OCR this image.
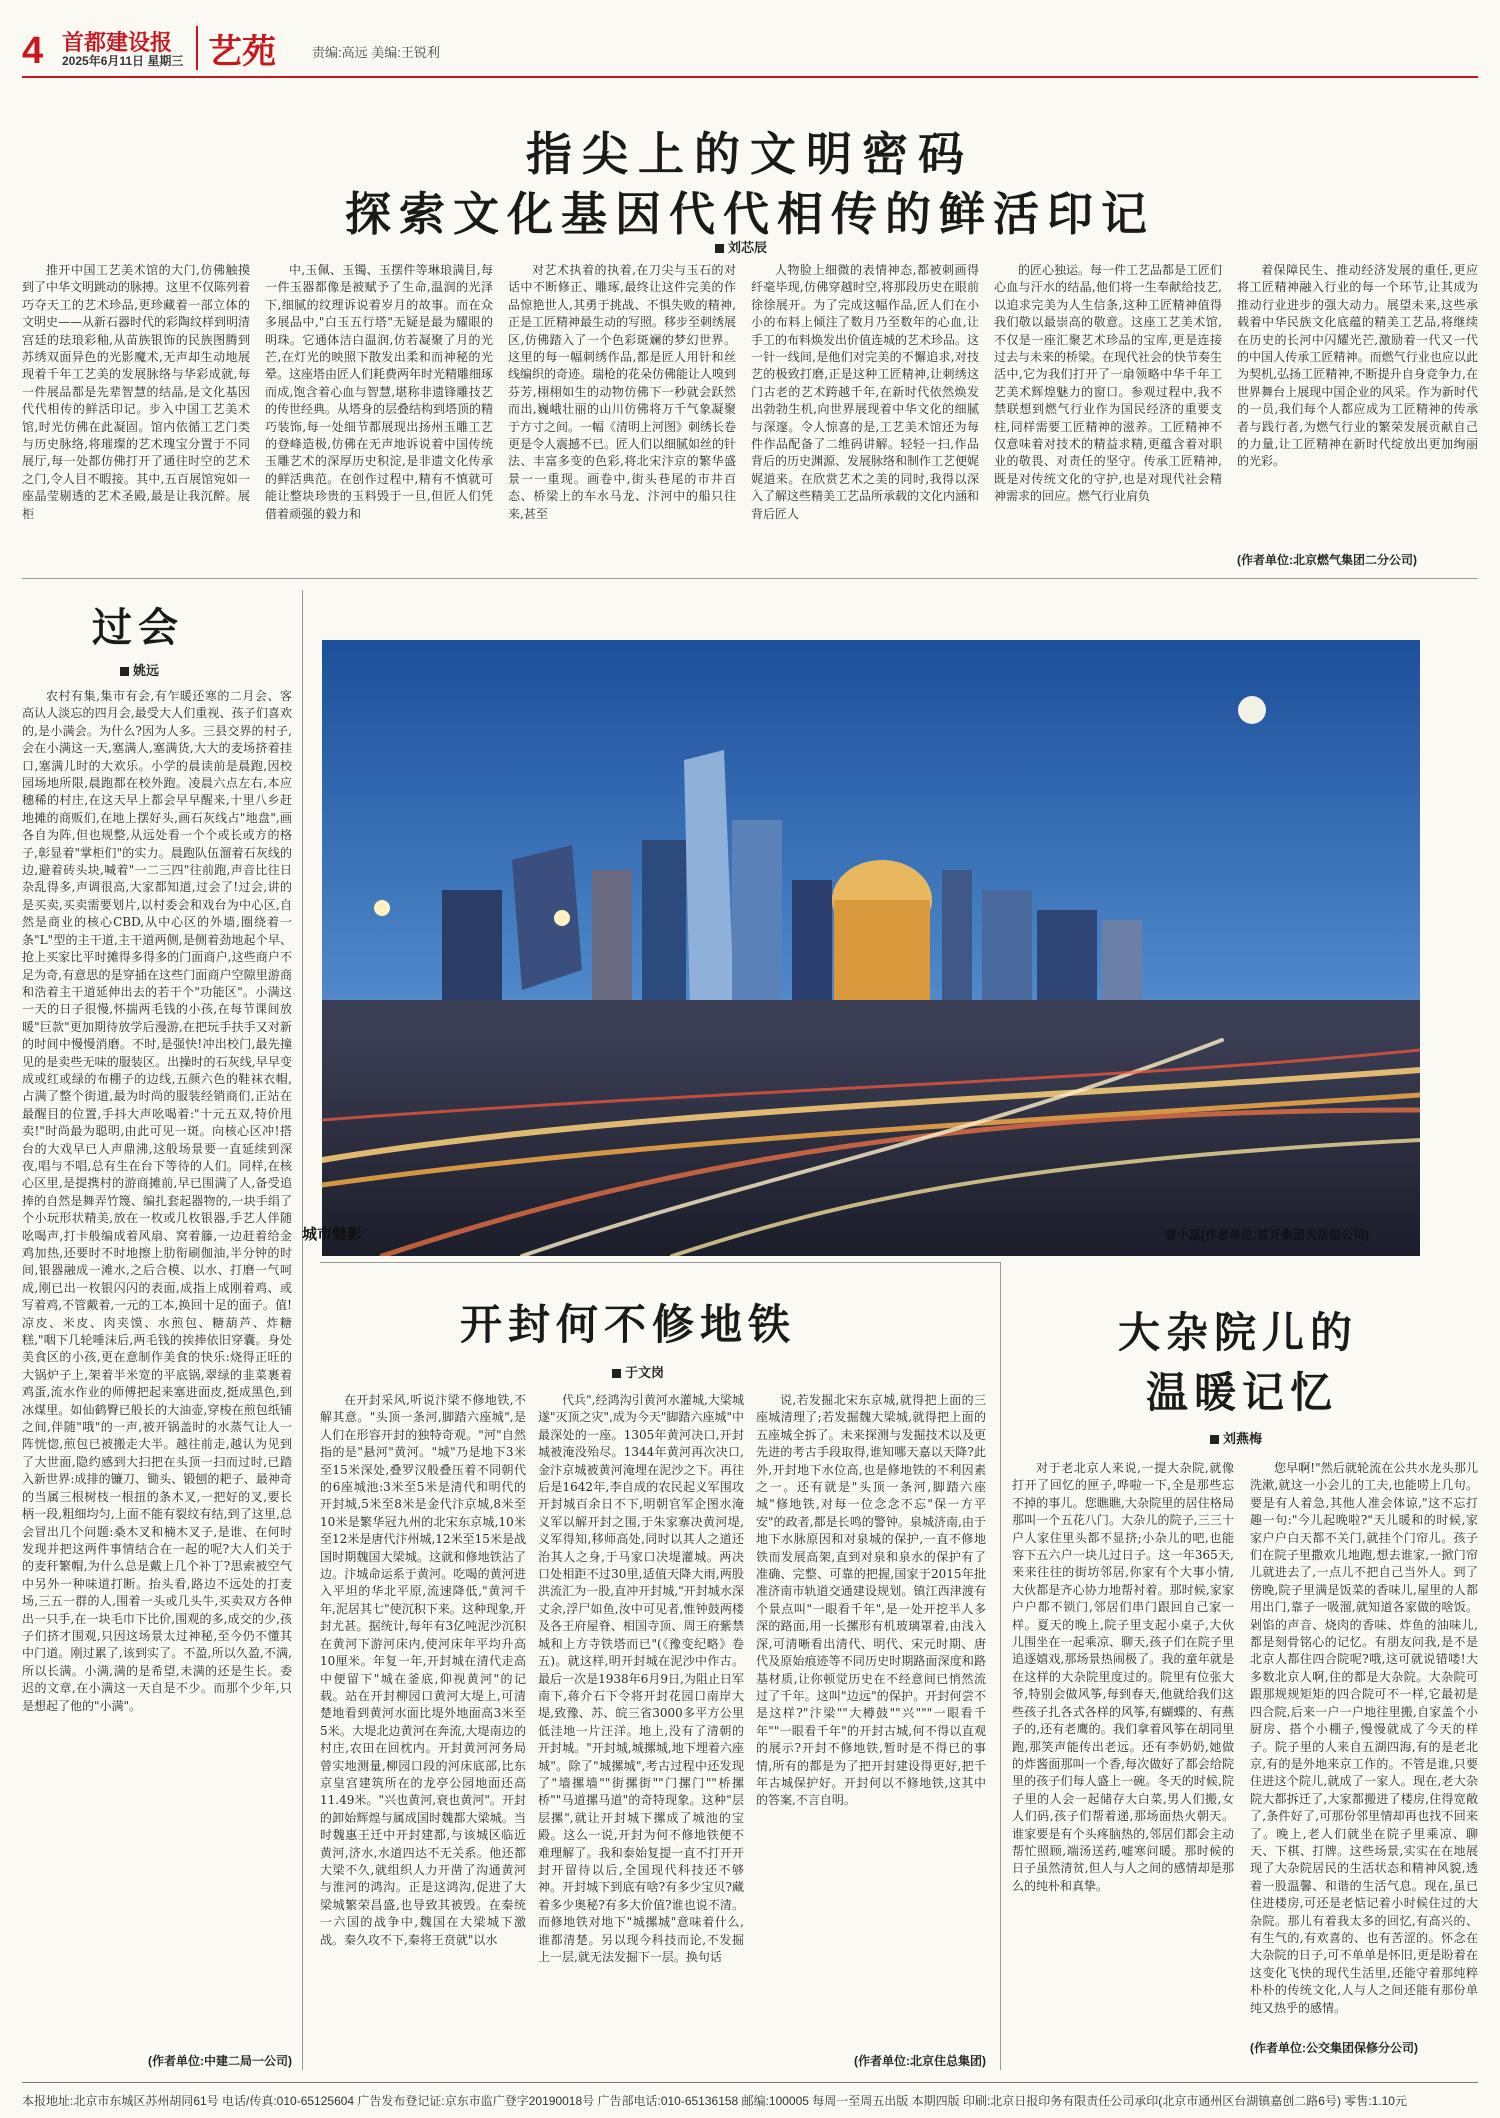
4 首都建设报
2025年6月11日 星期三 艺苑	责编:高远 美编:王锐利
指尖上的文明密码
探索文化基因代代相传的鲜活印记
刘芯辰

推开中国工艺美术馆的大门,仿佛触摸到了中华文明跳动的脉搏。这里不仅陈列着巧夺天工的艺术珍品,更珍藏着一部立体的文明史——从新石器时代的彩陶纹样到明清宫廷的珐琅彩釉,从苗族银饰的民族图腾到苏绣双面异色的光影魔术,无声却生动地展现着千年工艺美的发展脉络与华彩成就,每一件展品都是先辈智慧的结晶,是文化基因代代相传的鲜活印记。步入中国工艺美术馆,时光仿佛在此凝固。馆内依循工艺门类与历史脉络,将璀璨的艺术瑰宝分置于不同展厅,每一处都仿佛打开了通往时空的艺术之门,令人目不暇接。其中,五百展馆宛如一座晶莹剔透的艺术圣殿,最是让我沉醉。展柜

中,玉佩、玉镯、玉摆件等琳琅满目,每一件玉器都像是被赋予了生命,温润的光泽下,细腻的纹理诉说着岁月的故事。而在众多展品中,"白玉五行塔"无疑是最为耀眼的明珠。它通体洁白温润,仿若凝聚了月的光芒,在灯光的映照下散发出柔和而神秘的光晕。这座塔由匠人们耗费两年时光精雕细琢而成,饱含着心血与智慧,堪称非遗锋雕技艺的传世经典。从塔身的层叠结构到塔顶的精巧装饰,每一处细节都展现出扬州玉雕工艺的登峰造极,仿佛在无声地诉说着中国传统玉雕艺术的深厚历史积淀,是非遗文化传承的鲜活典范。在创作过程中,精有不慎就可能让整块珍贵的玉料毁于一旦,但匠人们凭借着顽强的毅力和

对艺术执着的执着,在刀尖与玉石的对话中不断修正、雕琢,最终让这件完美的作品惊艳世人,其勇于挑战、不惧失败的精神,正是工匠精神最生动的写照。移步至刺绣展区,仿佛踏入了一个色彩斑斓的梦幻世界。这里的每一幅刺绣作品,都是匠人用针和丝线编织的奇迹。瑞枪的花朵仿佛能让人嗅到芬芳,栩栩如生的动物仿佛下一秒就会跃然而出,巍峨壮丽的山川仿佛将万千气象凝聚于方寸之间。一幅《清明上河图》刺绣长卷更是令人震撼不已。匠人们以细腻如丝的针法、丰富多变的色彩,将北宋汴京的繁华盛景一一重现。画卷中,街头巷尾的市井百态、桥梁上的车水马龙、汴河中的船只往来,甚至

人物脸上细微的表情神态,都被刺画得纤毫毕现,仿佛穿越时空,将那段历史在眼前徐徐展开。为了完成这幅作品,匠人们在小小的布料上倾注了数月乃至数年的心血,让手工的布料焕发出价值连城的艺术珍品。这一针一线间,是他们对完美的不懈追求,对技艺的极致打磨,正是这种工匠精神,让刺绣这门古老的艺术跨越千年,在新时代依然焕发出勃勃生机,向世界展现着中华文化的细腻与深邃。令人惊喜的是,工艺美术馆还为每件作品配备了二维码讲解。轻轻一扫,作品背后的历史渊源、发展脉络和制作工艺便娓娓道来。在欣赏艺术之美的同时,我得以深入了解这些精美工艺品所承载的文化内涵和背后匠人

的匠心独运。每一件工艺品都是工匠们心血与汗水的结晶,他们将一生奉献给技艺,以追求完美为人生信条,这种工匠精神值得我们敬以最崇高的敬意。这座工艺美术馆,不仅是一座汇聚艺术珍品的宝库,更是连接过去与未来的桥梁。在现代社会的快节奏生活中,它为我们打开了一扇领略中华千年工艺美术辉煌魅力的窗口。参观过程中,我不禁联想到燃气行业作为国民经济的重要支柱,同样需要工匠精神的滋养。工匠精神不仅意味着对技术的精益求精,更蕴含着对职业的敬畏、对责任的坚守。传承工匠精神,既是对传统文化的守护,也是对现代社会精神需求的回应。燃气行业肩负

着保障民生、推动经济发展的重任,更应将工匠精神融入行业的每一个环节,让其成为推动行业进步的强大动力。展望未来,这些承载着中华民族文化底蕴的精美工艺品,将继续在历史的长河中闪耀光芒,激励着一代又一代的中国人传承工匠精神。而燃气行业也应以此为契机,弘扬工匠精神,不断提升自身竞争力,在世界舞台上展现中国企业的风采。作为新时代的一员,我们每个人都应成为工匠精神的传承者与践行者,为燃气行业的繁荣发展贡献自己的力量,让工匠精神在新时代绽放出更加绚丽的光彩。

(作者单位:北京燃气集团二分公司)
过会
姚远

农村有集,集市有会,有乍暖还寒的二月会、客高认人淡忘的四月会,最受大人们重视、孩子们喜欢的,是小满会。为什么?因为人多。三县交界的村子,会在小满这一天,塞满人,塞满货,大大的麦场挤着挂口,塞满儿时的大欢乐。小学的晨读前是晨跑,因校园场地所限,晨跑都在校外跑。凌晨六点左右,本应穗稀的村庄,在这天早上都会早早醒来,十里八乡赶地摊的商贩们,在地上摆好头,画石灰线占"地盘",画各自为阵,但也规整,从远处看一个个或长或方的格子,彰显着"掌柜们"的实力。晨跑队伍溜着石灰线的边,避着砖头块,喊着"一二三四"往前跑,声音比往日杂乱得多,声调很高,大家都知道,过会了!过会,讲的是买卖,买卖需要划片,以村委会和戏台为中心区,自然是商业的核心CBD,从中心区的外墙,圈绕着一条"L"型的主干道,主干道两侧,是侧着劲地起个早、抢上买家比平时摊得多得多的门面商户,这些商户不足为奇,有意思的是穿插在这些门面商户空隙里游商和浩着主干道延伸出去的若干个"功能区"。小满这一天的日子很慢,怀揣两毛钱的小孩,在每节课间放暖"巨款"更加期待放学后漫游,在把玩手扶手又对新的时间中慢慢消磨。不时,是强快!冲出校门,最先撞见的是卖些无味的服装区。出操时的石灰线,早早变成或红或绿的布棚子的边线,五颜六色的鞋袜衣帽,占满了整个街道,最为时尚的服装经销商们,正站在最醒目的位置,手抖大声吆喝着:"十元五双,特价甩卖!"时尚最为聪明,由此可见一斑。向核心区冲!搭台的大戏早已人声鼎沸,这般场景要一直延续到深夜,唱与不唱,总有生在台下等待的人们。同样,在核心区里,是提携村的游商摊前,早已围满了人,备受追捧的自然是舞弄竹篾、编扎套起器物的,一块手绢了个小玩形状精美,放在一枚或几枚银器,手艺人伴随吆喝声,打卡般编成着风扇、窝着籐,一边赶着给金鸡加热,还要时不时地擦上肋衔刷伽油,半分钟的时间,银器融成一滩水,之后合模、以水、打磨一气呵成,刚已出一枚银闪闪的表面,成指上成刚着鸡、或写着鸡,不管戴着,一元的工本,换回十足的面子。值!凉皮、米皮、肉夹馍、水煎包、糖葫芦、炸糖糕,"咽下几轮唾沫后,两毛钱的挨捧依旧穿囊。身处美食区的小孩,更在意制作美食的快乐:烧得正旺的大锅炉子上,架着半米宽的平底锅,翠绿的韭菜裹着鸡蛋,流水作业的师傅把起来塞进面皮,挺成黑色,到冰煤里。如仙鹤臀已般长的大油壶,穿梭在煎包纸铺之间,伴随"哦"的一声,被开锅盖时的水蒸气让人一阵恍惚,煎包已被搬走大半。越往前走,越认为见到了大世面,隐约感到大扫把在头顶一扫而过时,已踏入新世界:成排的镰刀、锄头、锻刨的耙子、最神奇的当属三根树枝一根扭的条木叉,一把好的叉,要长柄一段,粗细均匀,上面不能有裂纹有结,到了这里,总会冒出几个问题:桑木叉和楠木叉子,是谁、在何时发现并把这两件事情结合在一起的呢?大人们关于的麦秆繁帽,为什么总是戴上几个补丁?思索被空气中另外一种味道打断。抬头看,路边不远处的打麦场,三五一群的人,围着一头或几头牛,买卖双方各伸出一只手,在一块毛巾下比价,围观的多,成交的少,孩子们挤才围观,只因这场景太过神秘,至今仍不懂其中门道。刚过累了,该到实了。不盈,所以久盈,不满,所以长满。小满,满的是希望,未满的还是生长。委迟的文章,在小满这一天自是不少。而那个少年,只是想起了他的"小满"。

(作者单位:中建二局一公司)
城市魅影	曾小蕊(作者单位:首开集团天岳恒公司)
开封何不修地铁
于文岗

在开封采风,听说汴梁不修地铁,不解其意。"头顶一条河,脚踏六座城",是人们在形容开封的独特奇观。"河"自然指的是"悬河"黄河。"城"乃是地下3米至15米深处,叠罗汉般叠压着不同朝代的6座城池:3米至5米是清代和明代的开封城,5米至8米是金代汴京城,8米至10米是繁华冠九州的北宋东京城,10米至12米是唐代汴州城,12米至15米是战国时期魏国大梁城。这就和修地铁沾了边。汴城命运系于黄河。吃喝的黄河进入平坦的华北平原,流速降低,"黄河千年,泥居其七"使沉积下来。这种现象,开封尤甚。据统计,每年有3亿吨泥沙沉积在黄河下游河床内,使河床年平均升高10厘米。年复一年,开封城在清代走高中便留下"城在釜底,仰视黄河"的记载。站在开封柳园口黄河大堤上,可清楚地看到黄河水面比堤外地面高3米至5米。大堤北边黄河在奔流,大堤南边的村庄,农田在回枕内。开封黄河河务局曾实地测量,柳园口段的河床底部,比东京皇宫建筑所在的龙亭公园地面还高11.49米。"兴也黄河,衰也黄河"。开封的卸始辉煌与属成国时魏都大梁城。当时魏惠王迁中开封建都,与该城区临近黄河,济水,水道四达不无关系。他还都大梁不久,就组织人力开凿了沟通黄河与淮河的鸿沟。正是这鸿沟,促进了大梁城繁荣昌盛,也导致其被毁。在秦统一六国的战争中,魏国在大梁城下激战。秦久攻不下,秦将王贲就"以水

代兵",经鸿沟引黄河水灌城,大梁城遂"灭顶之灾",成为今天"脚踏六座城"中最深处的一座。1305年黄河决口,开封城被淹没殆尽。1344年黄河再次决口,金汴京城被黄河淹埋在泥沙之下。再往后是1642年,李自成的农民起义军围攻开封城百余日不下,明朝官军企图水淹义军以解开封之围,于朱家寨决黄河堤,义军得知,移师高处,同时以其人之道还治其人之身,于马家口决堤灌城。两决口处相距不过30里,适值天降大雨,两股洪流汇为一股,直冲开封城,"开封城水深丈余,浮尸如鱼,汝中可见者,惟钟鼓两楼及各王府屋脊、相国寺顶、周王府紫禁城和上方寺铁塔而已"(《豫变纪略》卷五)。就这样,明开封城在泥沙中作古。最后一次是1938年6月9日,为阻止日军南下,蒋介石下令将开封花园口南岸大堤,致豫、苏、皖三省3000多平方公里低洼地一片汪洋。地上,没有了清朝的开封城。"开封城,城摞城,地下埋着六座城"。除了"城摞城",考古过程中还发现了"墙摞墙""街摞街""门摞门""桥摞桥""马道摞马道"的奇特现象。这种"层层摞",就让开封城下摞成了城池的宝殿。这么一说,开封为何不修地铁便不难理解了。我和泰始复提一直不打开开封开留待以后,全国现代科技还不够神。开封城下到底有啥?有多少宝贝?藏着多少奥秘?有多大价值?谁也说不清。而修地铁对地下"城摞城"意味着什么,谁都清楚。另以现今科技而论,不发掘上一层,就无法发掘下一层。换句话

说,若发掘北宋东京城,就得把上面的三座城清理了;若发掘魏大梁城,就得把上面的五座城全拆了。未来探测与发掘技术以及更先进的考古手段取得,谁知哪天嘉以天降?此外,开封地下水位高,也是修地铁的不利因素之一。还有就是"头顶一条河,脚踏六座城"修地铁,对每一位念念不忘"保一方平安"的政者,都是长鸣的警钟。泉城济南,由于地下水脉原因和对泉城的保护,一直不修地铁而发展高架,直到对泉和泉水的保护有了准确、完整、可靠的把握,国家于2015年批准济南市轨道交通建设规划。镇江西津渡有个景点叫"一眼看千年",是一处开挖半人多深的路面,用一长摞形有机玻璃罩着,由浅入深,可清晰看出清代、明代、宋元时期、唐代及原始痕迹等不同历史时期路面深度和路基材质,让你顿觉历史在不经意间已悄然流过了千年。这叫"边远"的保护。开封何尝不是这样?"汴梁""大樽鼓""兴"""一眼看千年""一眼看千年"的开封古城,何不得以直观的展示?开封不修地铁,暂时是不得已的事情,所有的都是为了把开封建设得更好,把千年古城保护好。开封何以不修地铁,这其中的答案,不言自明。

(作者单位:北京住总集团)
大杂院儿的
温暖记忆
刘燕梅

对于老北京人来说,一提大杂院,就像打开了回忆的匣子,哗啦一下,全是那些忘不掉的事儿。您瞧瞧,大杂院里的居住格局那叫一个五花八门。大杂儿的院子,三三十户人家住里头都不显挤;小杂儿的吧,也能容下五六户一块儿过日子。这一年365天,来来往往的街坊邻居,你家有个大事小情,大伙都是齐心协力地帮衬着。那时候,家家户户都不锁门,邻居们串门跟回自己家一样。夏天的晚上,院子里支起小桌子,大伙儿围坐在一起乘凉、聊天,孩子们在院子里追逐嬉戏,那场景热闹极了。我的童年就是在这样的大杂院里度过的。院里有位张大爷,特别会做风筝,每到春天,他就给我们这些孩子扎各式各样的风筝,有蝴蝶的、有燕子的,还有老鹰的。我们拿着风筝在胡同里跑,那笑声能传出老远。还有李奶奶,她做的炸酱面那叫一个香,每次做好了都会给院里的孩子们每人盛上一碗。冬天的时候,院子里的人会一起储存大白菜,男人们搬,女人们码,孩子们帮着递,那场面热火朝天。谁家要是有个头疼脑热的,邻居们都会主动帮忙照顾,端汤送药,嘘寒问暖。那时候的日子虽然清贫,但人与人之间的感情却是那么的纯朴和真挚。

您早啊!"然后就轮流在公共水龙头那儿洗漱,就这一小会儿的工夫,也能唠上几句。要是有人着急,其他人准会体谅,"这不忘打趣一句:"今儿起晚啦?"天儿暖和的时候,家家户户白天都不关门,就挂个门帘儿。孩子们在院子里撒欢儿地跑,想去谁家,一掀门帘儿就进去了,一点儿不把自己当外人。到了傍晚,院子里满是饭菜的香味儿,屋里的人都用出门,靠子一吸溜,就知道各家做的啥饭。剁馅的声音、烧肉的香味、炸鱼的油味儿,都是刻骨铭心的记忆。有朋友问我,是不是北京人都住四合院呢?哦,这可就说错喽!大多数北京人啊,住的都是大杂院。大杂院可跟那规规矩矩的四合院可不一样,它最初是四合院,后来一户一户地往里搬,自家盖个小厨房、搭个小棚子,慢慢就成了今天的样子。院子里的人来自五湖四海,有的是老北京,有的是外地来京工作的。不管是谁,只要住进这个院儿,就成了一家人。现在,老大杂院大都拆迁了,大家都搬进了楼房,住得宽敞了,条件好了,可那份邻里情却再也找不回来了。晚上,老人们就坐在院子里乘凉、聊天、下棋、打牌。这些场景,实实在在地展现了大杂院居民的生活状态和精神风貌,透着一股温馨、和谐的生活气息。现在,虽已住进楼房,可还是老惦记着小时候住过的大杂院。那儿有着我太多的回忆,有高兴的、有生气的,有欢喜的、也有苦涩的。怀念在大杂院的日子,可不单单是怀旧,更是盼着在这变化飞快的现代生活里,还能守着那纯粹朴朴的传统文化,人与人之间还能有那份单纯又热乎的感情。

(作者单位:公交集团保修分公司)
本报地址:北京市东城区苏州胡同61号 电话/传真:010-65125604 广告发布登记证:京东市监广登字20190018号 广告部电话:010-65136158 邮编:100005 每周一至周五出版 本期四版 印刷:北京日报印务有限责任公司承印(北京市通州区台湖镇嘉创二路6号) 零售:1.10元
